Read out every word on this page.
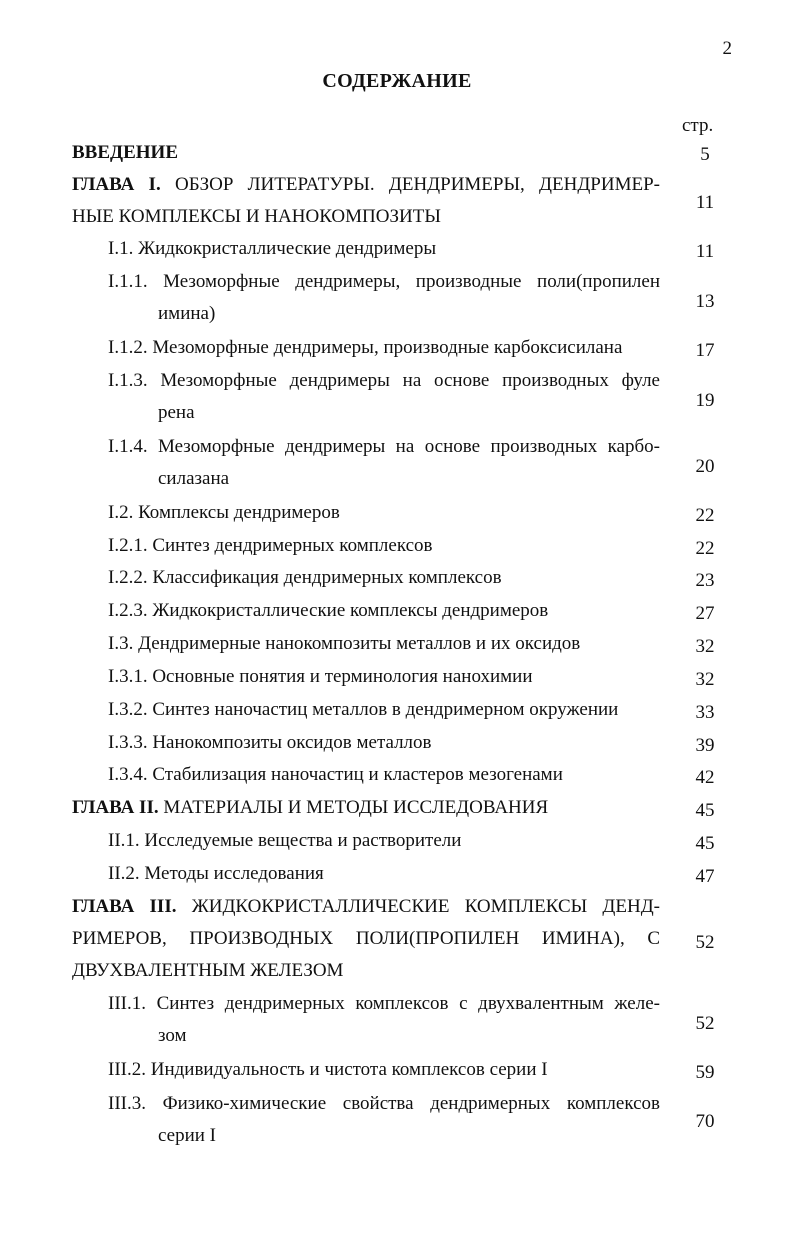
2
СОДЕРЖАНИЕ
стр.
ВВЕДЕНИЕ	5
ГЛАВА I. ОБЗОР ЛИТЕРАТУРЫ. ДЕНДРИМЕРЫ, ДЕНДРИМЕР-
НЫЕ КОМПЛЕКСЫ И НАНОКОМПОЗИТЫ
11
I.1. Жидкокристаллические дендримеры	11
I.1.1. Мезоморфные дендримеры, производные поли(пропилен
имина)
13
I.1.2. Мезоморфные дендримеры, производные карбоксисилана	17
I.1.3. Мезоморфные дендримеры на основе производных фуле
рена
19
I.1.4. Мезоморфные дендримеры на основе производных карбо-
силазана
20
I.2. Комплексы дендримеров	22
I.2.1. Синтез дендримерных комплексов	22
I.2.2. Классификация дендримерных комплексов	23
I.2.3. Жидкокристаллические комплексы дендримеров	27
I.3. Дендримерные нанокомпозиты металлов и их оксидов	32
I.3.1. Основные понятия и терминология нанохимии	32
I.3.2. Синтез наночастиц металлов в дендримерном окружении	33
I.3.3. Нанокомпозиты оксидов металлов	39
I.3.4. Стабилизация наночастиц и кластеров мезогенами	42
ГЛАВА II. МАТЕРИАЛЫ И МЕТОДЫ ИССЛЕДОВАНИЯ	45
II.1. Исследуемые вещества и растворители	45
II.2. Методы исследования	47
ГЛАВА III. ЖИДКОКРИСТАЛЛИЧЕСКИЕ КОМПЛЕКСЫ ДЕНД-
РИМЕРОВ, ПРОИЗВОДНЫХ ПОЛИ(ПРОПИЛЕН ИМИНА), С
ДВУХВАЛЕНТНЫМ ЖЕЛЕЗОМ
52
III.1. Синтез дендримерных комплексов с двухвалентным желе-
зом
52
III.2. Индивидуальность и чистота комплексов серии I	59
III.3. Физико-химические свойства дендримерных комплексов
серии I
70
